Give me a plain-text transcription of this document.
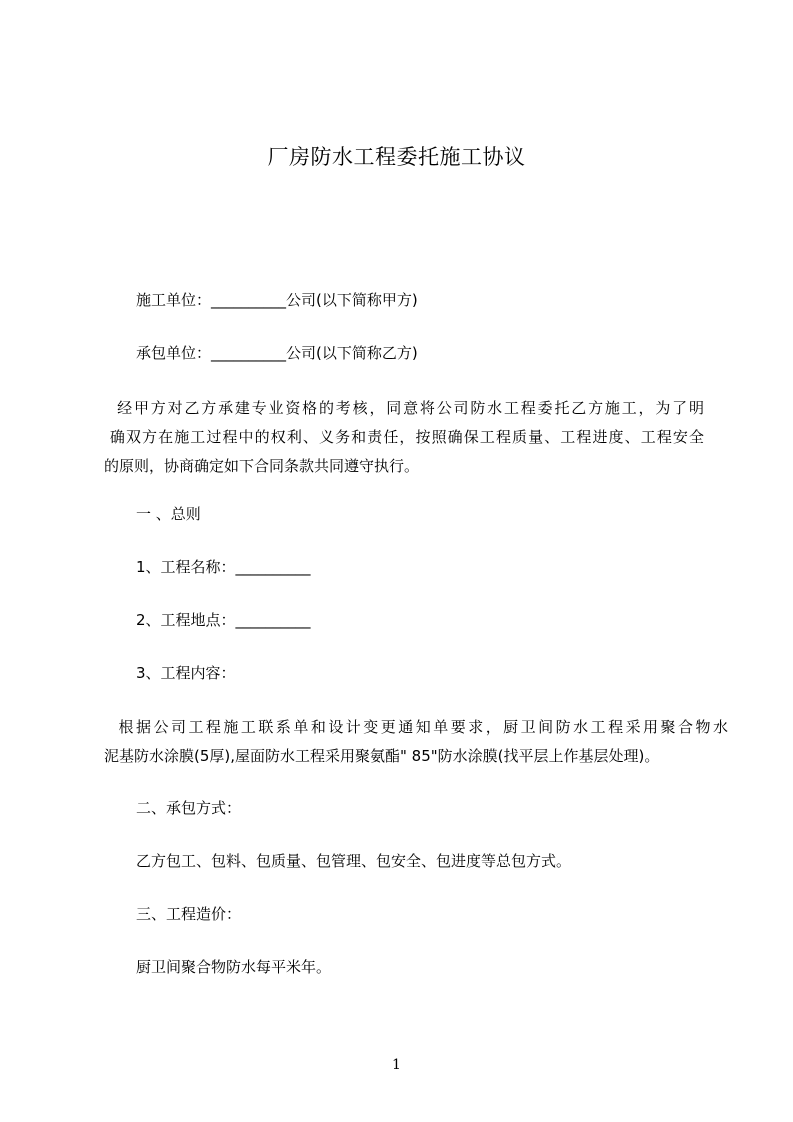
厂房防水工程委托施工协议
施工单位：__________公司(以下简称甲方)
承包单位：__________公司(以下简称乙方)
经甲方对乙方承建专业资格的考核，同意将公司防水工程委托乙方施工，为了明
确双方在施工过程中的权利、义务和责任，按照确保工程质量、工程进度、工程安全
的原则，协商确定如下合同条款共同遵守执行。
一 、总则
1、工程名称：__________
2、工程地点：__________
3、工程内容：
根据公司工程施工联系单和设计变更通知单要求，厨卫间防水工程采用聚合物水
泥基防水涂膜(5厚),屋面防水工程采用聚氨酯" 85"防水涂膜(找平层上作基层处理)。
二、承包方式：
乙方包工、包料、包质量、包管理、包安全、包进度等总包方式。
三、工程造价：
厨卫间聚合物防水每平米年。
1
